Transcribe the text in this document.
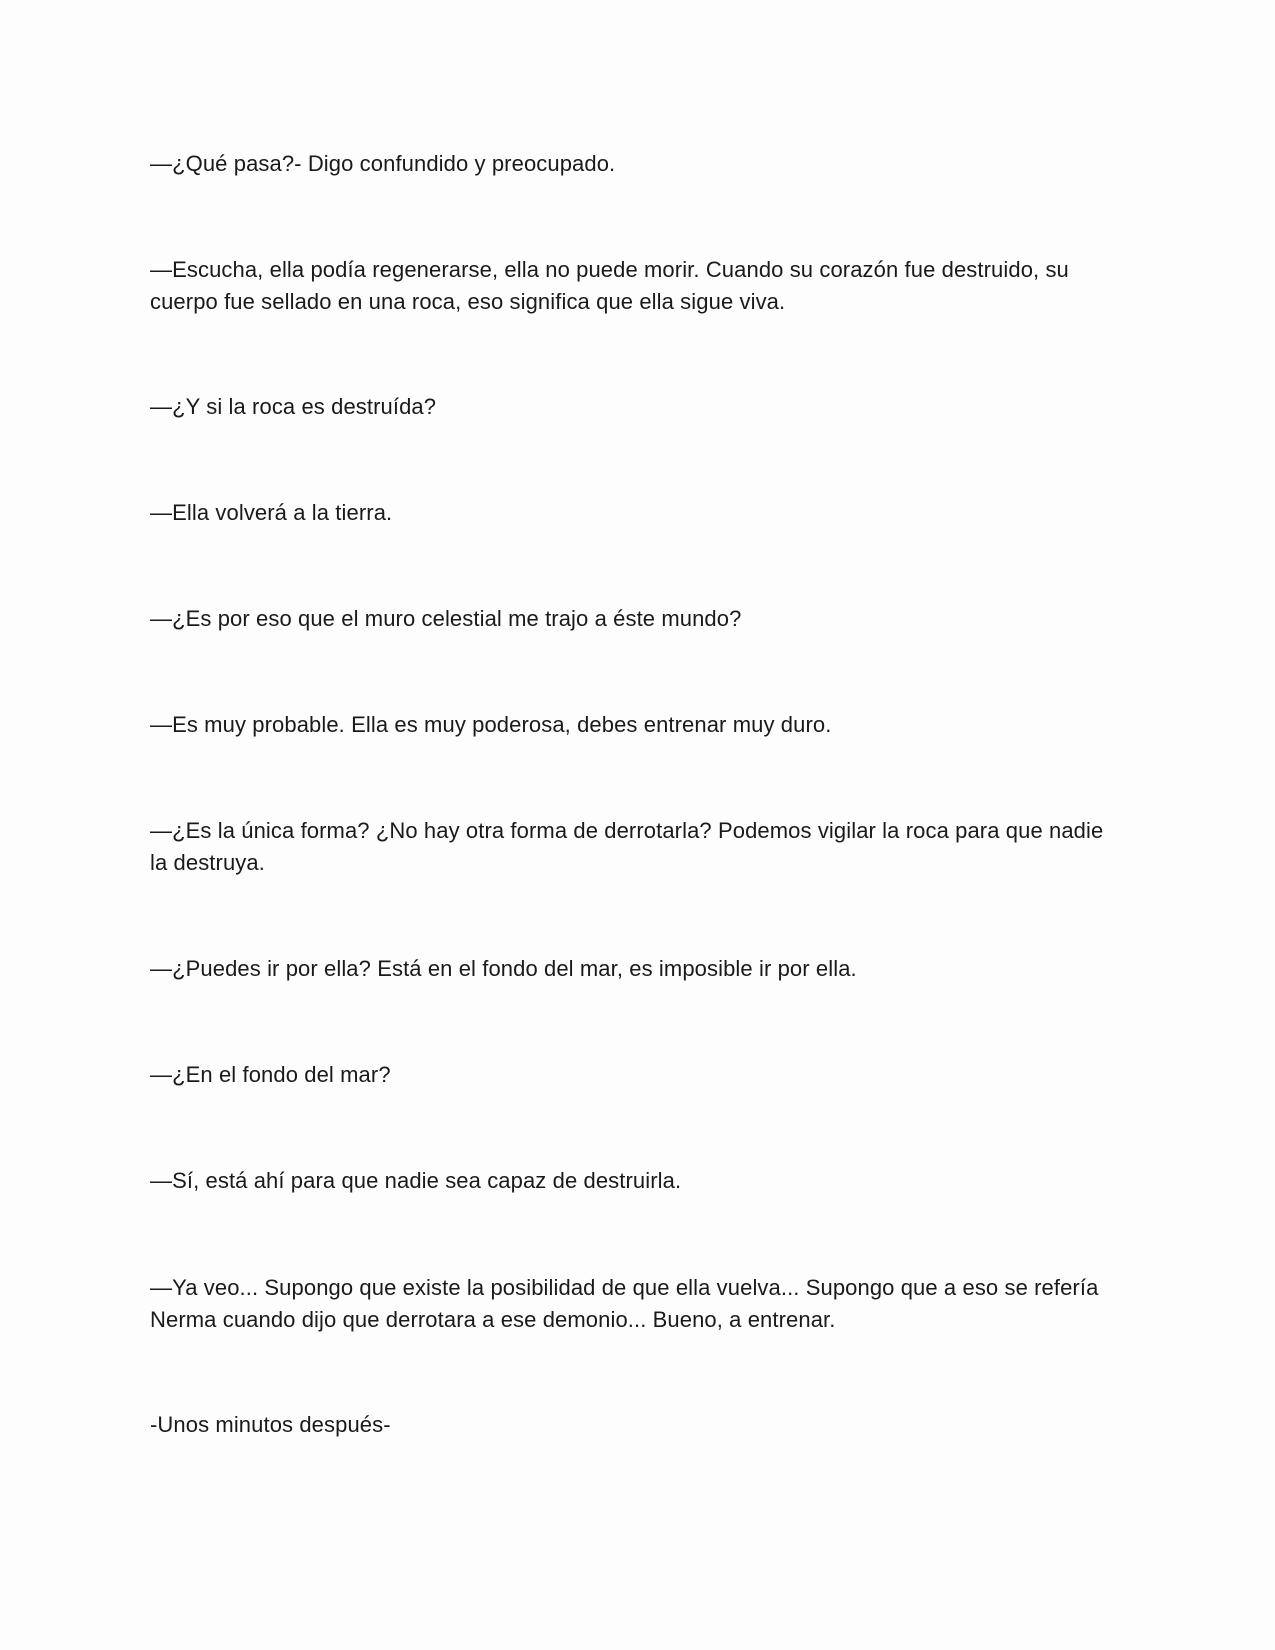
—¿Qué pasa?- Digo confundido y preocupado.

—Escucha, ella podía regenerarse, ella no puede morir. Cuando su corazón fue destruido, su cuerpo fue sellado en una roca, eso significa que ella sigue viva.

—¿Y si la roca es destruída?

—Ella volverá a la tierra.

—¿Es por eso que el muro celestial me trajo a éste mundo?

—Es muy probable. Ella es muy poderosa, debes entrenar muy duro.

—¿Es la única forma? ¿No hay otra forma de derrotarla? Podemos vigilar la roca para que nadie la destruya.

—¿Puedes ir por ella? Está en el fondo del mar, es imposible ir por ella.

—¿En el fondo del mar?

—Sí, está ahí para que nadie sea capaz de destruirla.

—Ya veo... Supongo que existe la posibilidad de que ella vuelva... Supongo que a eso se refería Nerma cuando dijo que derrotara a ese demonio... Bueno, a entrenar.

-Unos minutos después-
